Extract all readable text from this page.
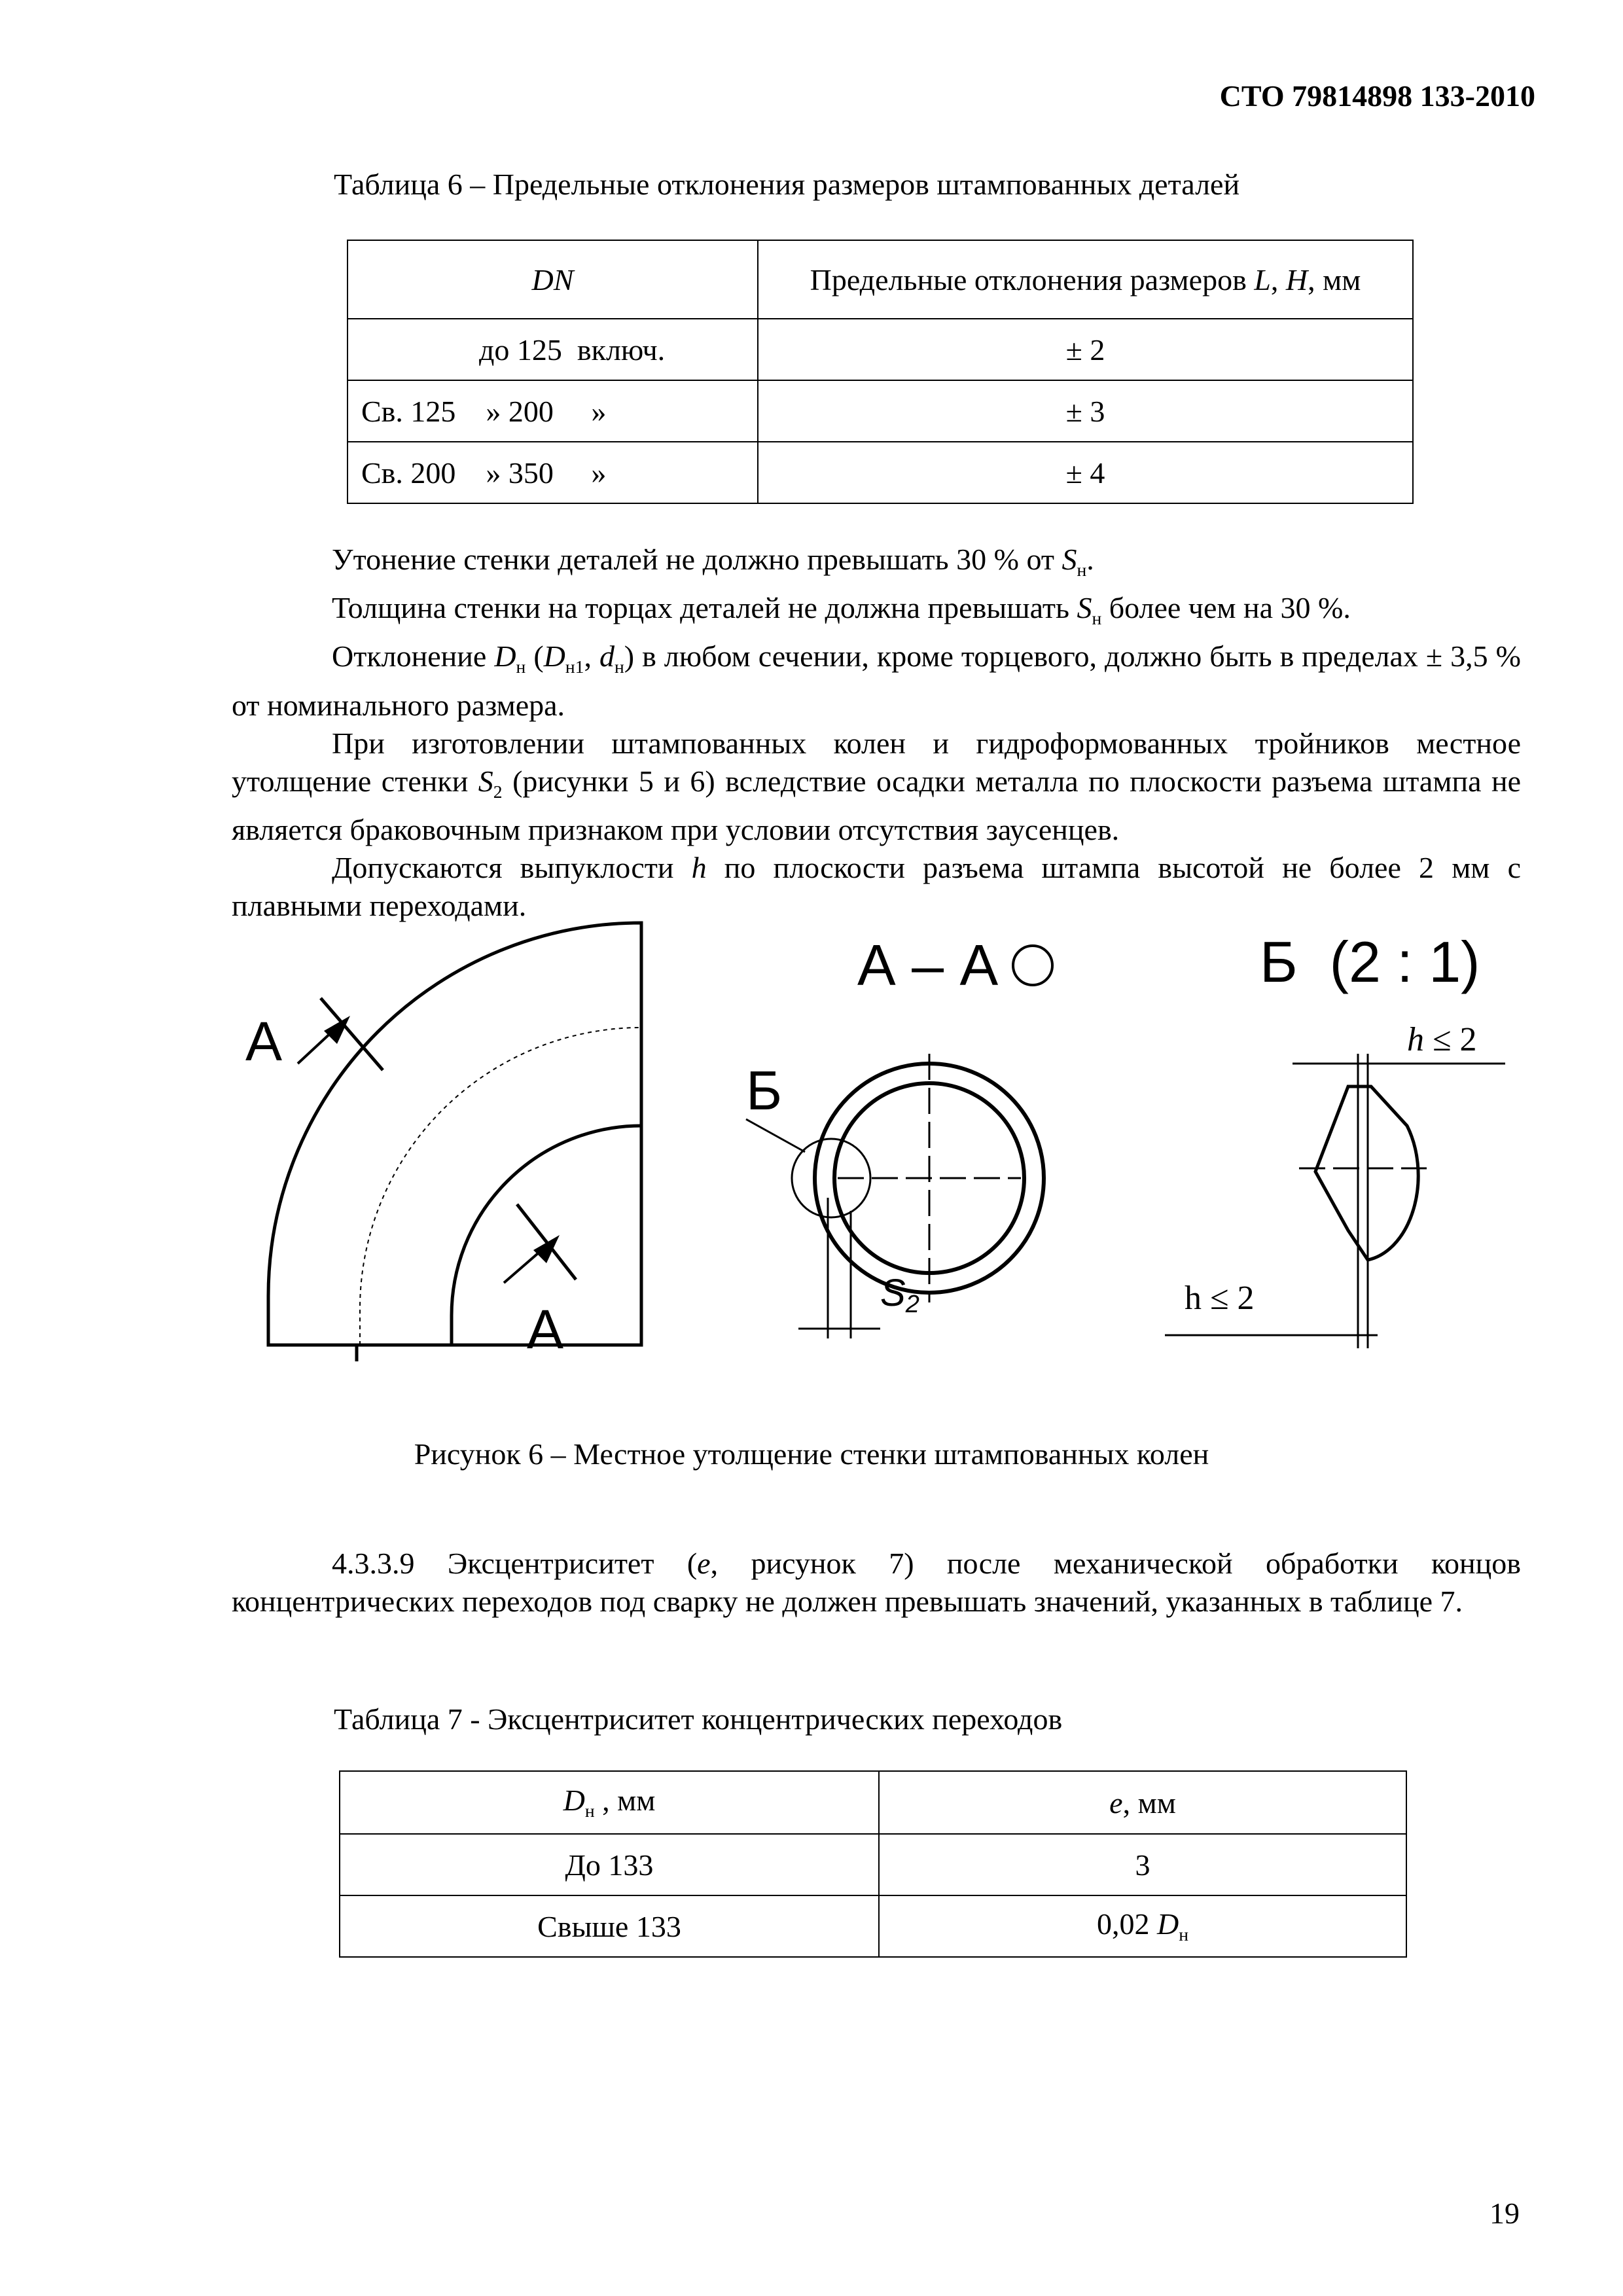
СТО 79814898 133-2010
Таблица 6 – Предельные отклонения размеров штампованных деталей
DN	Предельные отклонения размеров L, H, мм
до 125  включ.	± 2
Св. 125    » 200     »	± 3
Св. 200    » 350     »	± 4

Утонение стенки деталей не должно превышать 30 % от $S_н$.

Толщина стенки на торцах деталей не должна превышать $S_н$ более чем на 30 %.

Отклонение $D_н$ ($D_{н1}$, $d_н$) в любом сечении, кроме торцевого, должно быть в пределах ± 3,5 % от номинального размера.

При изготовлении штампованных колен и гидроформованных тройников местное утолщение стенки $S_2$ (рисунки 5 и 6) вследствие осадки металла по плоскости разъема штампа не является браковочным признаком при условии отсутствия заусенцев.

Допускаются выпуклости h по плоскости разъема штампа высотой не более 2 мм с плавными переходами.

А
А
А – А
Б
S2
Б  (2 : 1)
h ≤ 2
h ≤ 2
Рисунок 6 – Местное утолщение стенки штампованных колен

4.3.3.9 Эксцентриситет (е, рисунок 7) после механической обработки концов концентрических переходов под сварку не должен превышать значений, указанных в таблице 7.

Таблица 7 - Эксцентриситет концентрических переходов
$D_н$ , мм	е, мм
До 133	3
Свыше 133	0,02 $D_н$
19
